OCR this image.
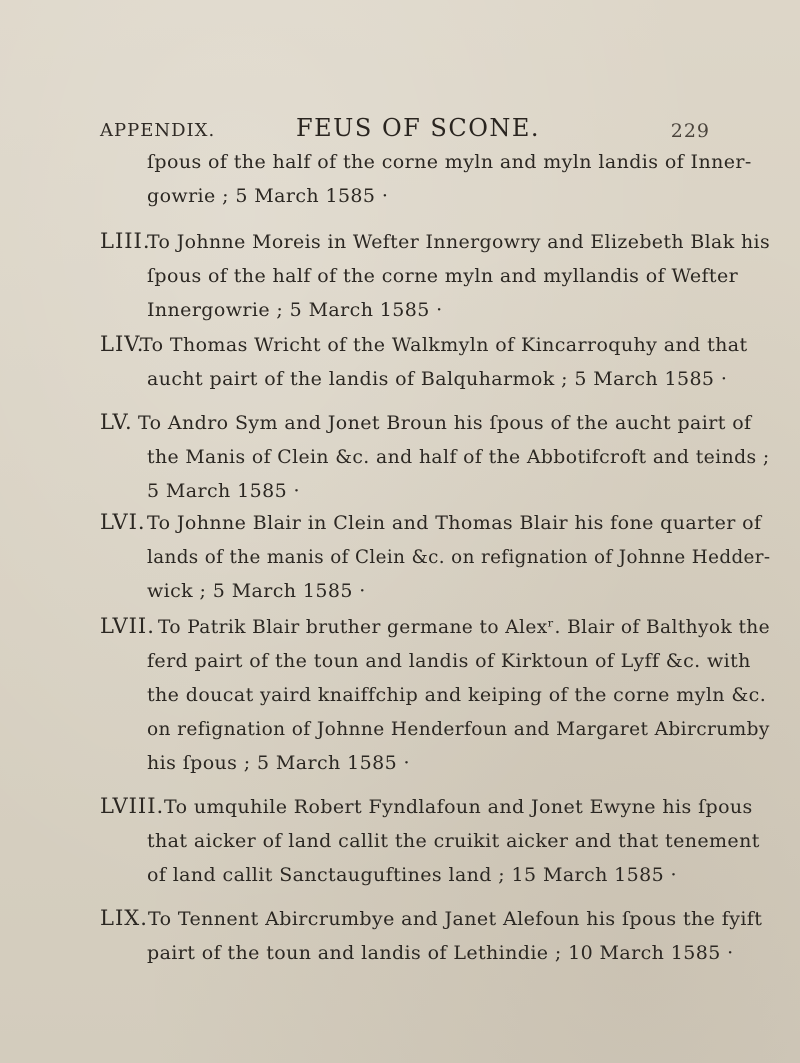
APPENDIX.	FEUS OF SCONE.	229
ſpous of the half of the corne myln and myln landis of Inner-
gowrie ; 5 March 1585 ·
LIII.
To Johnne Moreis in Wefter Innergowry and Elizebeth Blak his
ſpous of the half of the corne myln and myllandis of Wefter
Innergowrie ; 5 March 1585 ·
LIV.
To Thomas Wricht of the Walkmyln of Kincarroquhy and that
aucht pairt of the landis of Balquharmok ; 5 March 1585 ·
LV. To Andro Sym and Jonet Broun his ſpous of the aucht pairt of
the Manis of Clein &c. and half of the Abbotifcroft and teinds ;
5 March 1585 ·
LVI. To Johnne Blair in Clein and Thomas Blair his fone quarter of
lands of the manis of Clein &c. on refignation of Johnne Hedder-
wick ; 5 March 1585 ·
LVII. To Patrik Blair bruther germane to Alexʳ. Blair of Balthyok the
ferd pairt of the toun and landis of Kirktoun of Lyff &c. with
the doucat yaird knaiffchip and keiping of the corne myln &c.
on refignation of Johnne Henderfoun and Margaret Abircrumby
his ſpous ; 5 March 1585 ·
LVIII. To umquhile Robert Fyndlafoun and Jonet Ewyne his ſpous
that aicker of land callit the cruikit aicker and that tenement
of land callit Sanctauguftines land ; 15 March 1585 ·
LIX. To Tennent Abircrumbye and Janet Alefoun his ſpous the fyift
pairt of the toun and landis of Lethindie ; 10 March 1585 ·
